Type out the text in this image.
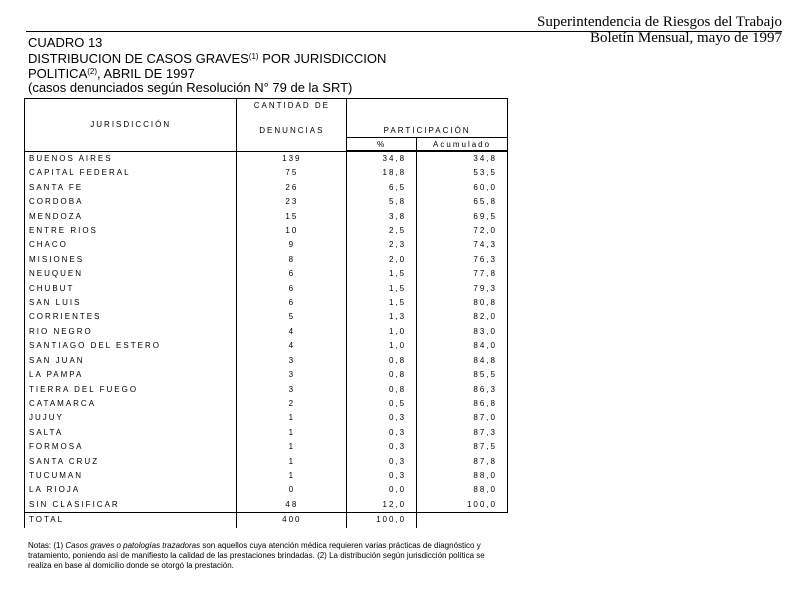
Superintendencia de Riesgos del Trabajo
Boletín Mensual, mayo de 1997
CUADRO 13
DISTRIBUCION DE CASOS GRAVES$^{(1)}$ POR JURISDICCION
POLITICA$^{(2)}$, ABRIL DE 1997
(casos denunciados según Resolución N° 79 de la SRT)
JURISDICCIÓN	CANTIDAD DE		
	DENUNCIAS	PARTICIPACIÓN	
		%	Acumulado

BUENOS AIRES	139	34,8	34,8
CAPITAL FEDERAL	75	18,8	53,5
SANTA FE	26	6,5	60,0
CORDOBA	23	5,8	65,8
MENDOZA	15	3,8	69,5
ENTRE RIOS	10	2,5	72,0
CHACO	9	2,3	74,3
MISIONES	8	2,0	76,3
NEUQUEN	6	1,5	77,8
CHUBUT	6	1,5	79,3
SAN LUIS	6	1,5	80,8
CORRIENTES	5	1,3	82,0
RIO NEGRO	4	1,0	83,0
SANTIAGO DEL ESTERO	4	1,0	84,0
SAN JUAN	3	0,8	84,8
LA PAMPA	3	0,8	85,5
TIERRA DEL FUEGO	3	0,8	86,3
CATAMARCA	2	0,5	86,8
JUJUY	1	0,3	87,0
SALTA	1	0,3	87,3
FORMOSA	1	0,3	87,5
SANTA CRUZ	1	0,3	87,8
TUCUMAN	1	0,3	88,0
LA RIOJA	0	0,0	88,0
SIN CLASIFICAR	48	12,0	100,0
TOTAL	400	100,0	
Notas: (1) Casos graves o patologías trazadoras son aquellos cuya atención médica requieren varias prácticas de diagnóstico y tratamiento, poniendo así de manifiesto la calidad de las prestaciones brindadas. (2) La distribución según jurisdicción política se realiza en base al domicilio donde se otorgó la prestación.
